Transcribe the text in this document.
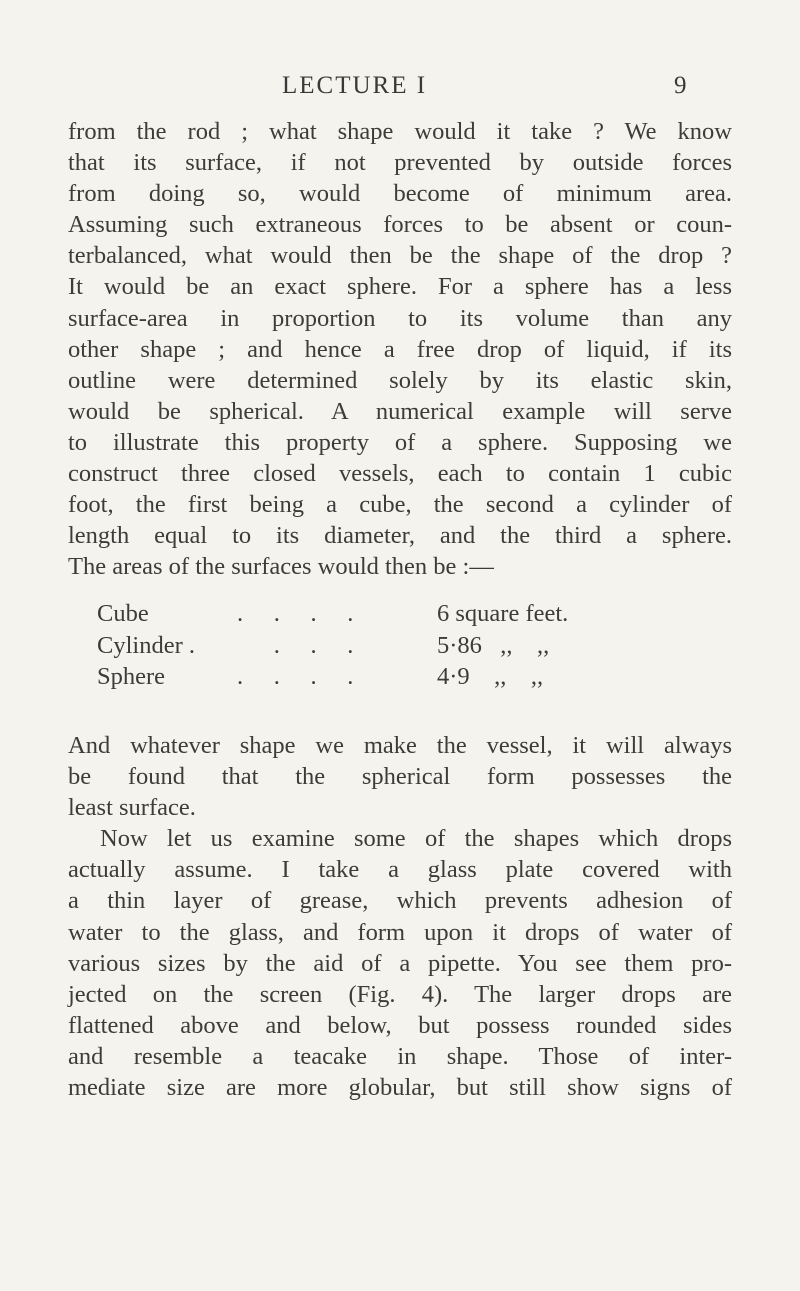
LECTURE I	9
from the rod ; what shape would it take ? We know
that its surface, if not prevented by outside forces
from doing so, would become of minimum area.
Assuming such extraneous forces to be absent or coun-
terbalanced, what would then be the shape of the drop ?
It would be an exact sphere. For a sphere has a less
surface-area in proportion to its volume than any
other shape ; and hence a free drop of liquid, if its
outline were determined solely by its elastic skin,
would be spherical. A numerical example will serve
to illustrate this property of a sphere. Supposing we
construct three closed vessels, each to contain 1 cubic
foot, the first being a cube, the second a cylinder of
length equal to its diameter, and the third a sphere.
The areas of the surfaces would then be :—
Cube	.     .     .     .	6 square feet.
Cylinder . .     .     .	5·86   ,,    ,,
Sphere	.     .     .     .	4·9    ,,    ,,
And whatever shape we make the vessel, it will always
be found that the spherical form possesses the
least surface.
Now let us examine some of the shapes which drops
actually assume. I take a glass plate covered with
a thin layer of grease, which prevents adhesion of
water to the glass, and form upon it drops of water of
various sizes by the aid of a pipette. You see them pro-
jected on the screen (Fig. 4). The larger drops are
flattened above and below, but possess rounded sides
and resemble a teacake in shape. Those of inter-
mediate size are more globular, but still show signs of
